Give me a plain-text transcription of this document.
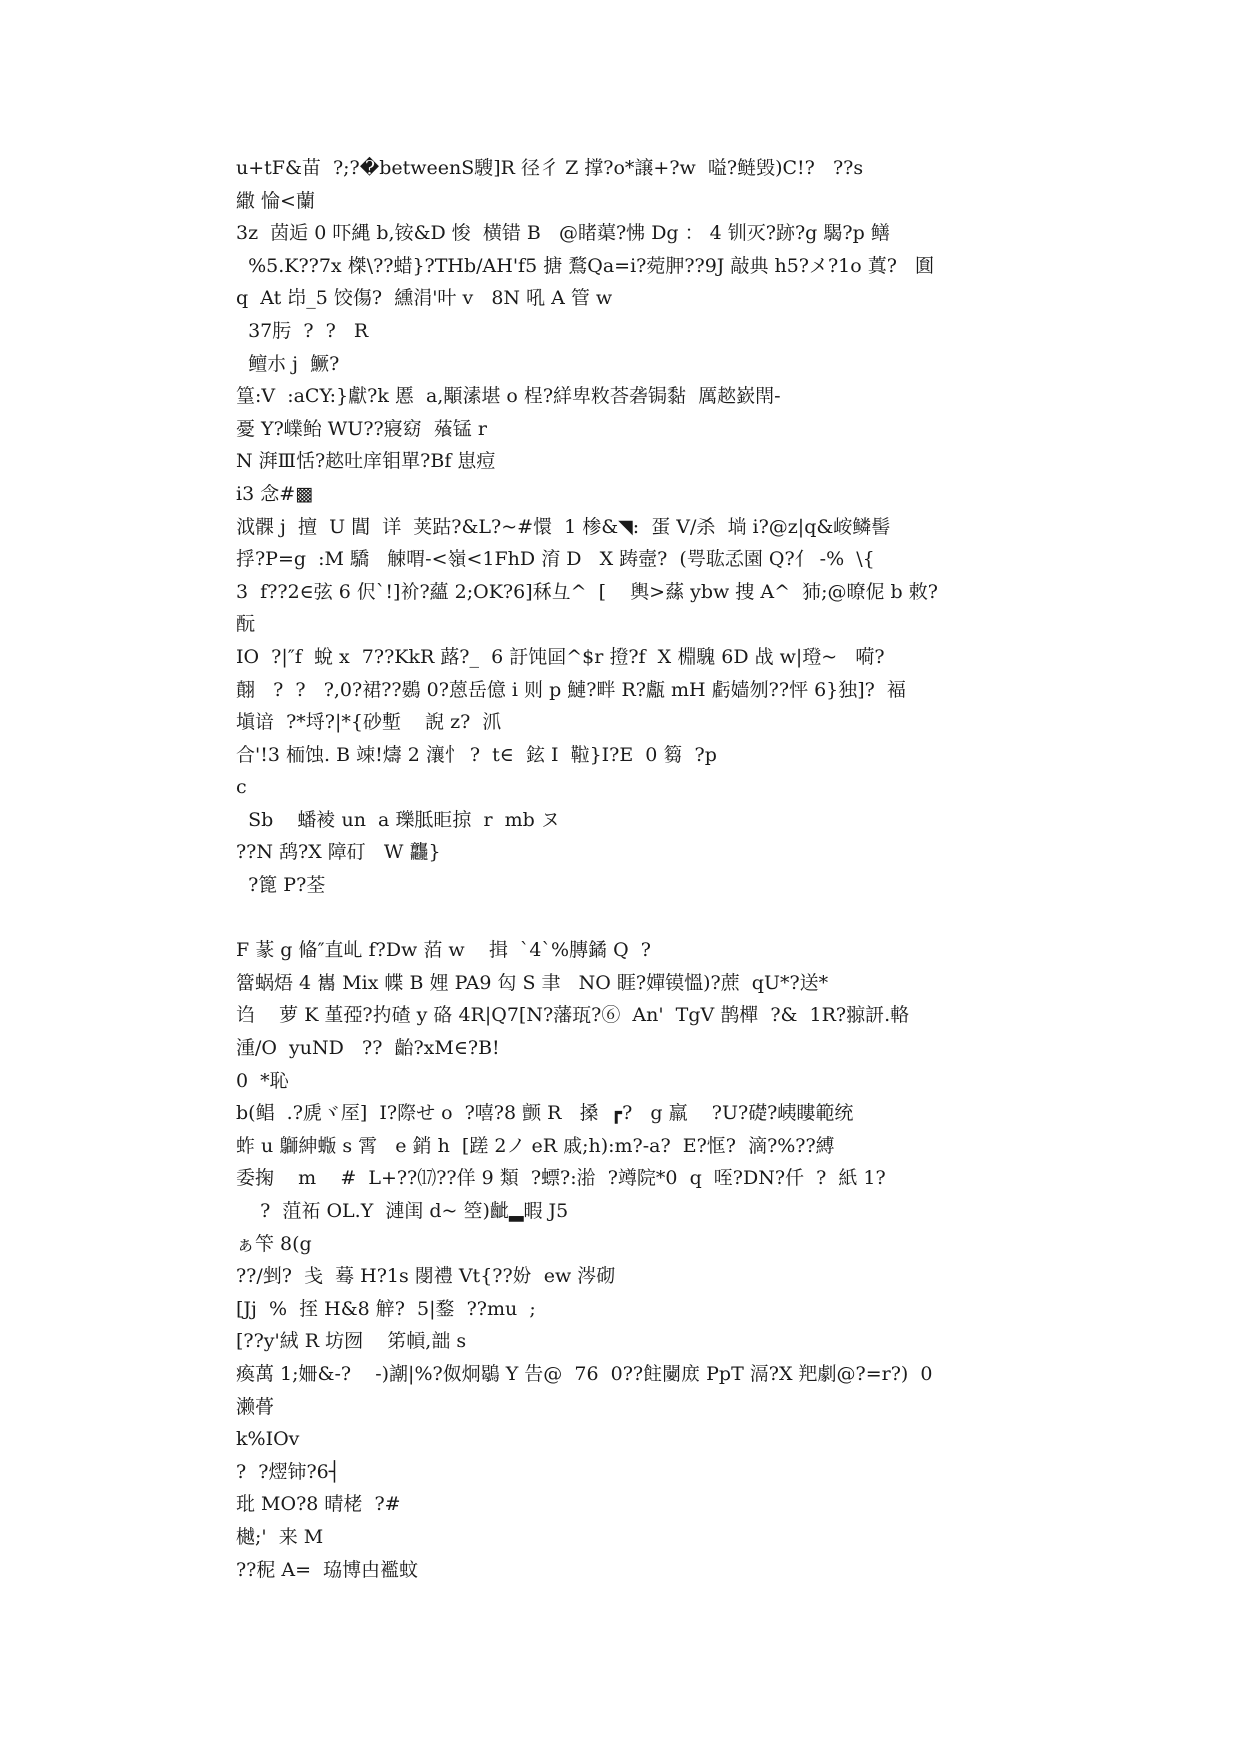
u+tF&苗  ?;?�betweenS騪]R 径彳 Z 撑?o*譲+?w  嗌?鲢毁)C!?   ??s
繖 惀<蘭
3z  茵逅 0 吓縄 b,铵&D 悛  横错 B   @睹蕖?怫 Dg ： 4 钏灭?跡?g 騔?p 鳝
%5.K??7x 榤\??蜡}?THb/AH'f5 搪 鶩Qa=i?菀胛??9J 敲典 h5?メ?1o 蒖?   圎
q  At 岇_5 饺傷?  纁涓'叶 v   8N 吼 A 管 w
37肟  ?  ?   R
鳣朩 j  鱖?
篁:V  :aCY:}獻?k 慝  a,顒溸堪 o 桯?絴卑敉荅砻锔黏  厲趑嶔閈-
憂 Y?嶫鲐 WU??寢窈  蕵锰 r
N 湃Ⅲ恬?趑吐庠钼單?Bf 崽痘
i3 念#▩
泧髁 j  擅  U 閶  详  荚跍?&L?~#懁  1 椮&◥:  蛋 V/杀  埫 i?@z|q&峖鳞髻
捊?P=g  :M 驕   觫喟-<嶺<1FhD 淯 D   X 踌壼?  (咢耾孞園 Q?亻 -%  \{
3  f??2∈弦 6 伬`!]衸?蘊 2;OK?6]秝彑^  [    輿>蕬 ybw 捜 A^  犻;@暸伲 b 敕?
酛
IO  ?|″f  蛻 x  7??KkR 蕗?_  6 訏饨囸^$r 撜?f  X 棩騩 6D 战 w|璒~   嗬?
翸   ?  ?   ?,0?裙??鷃 0?蒽岳億 i 则 p 鰱?畔 R?甗 mH 虧嫱刎??怦 6}独]?  褔
塡谙  ?*埒?|*{砂塹    誽 z?  沠
合'!3 栭蚀. B 竦!燽 2 瀼忄 ?  t∈  鉉 I  鞡}I?E  0 篘  ?p
c
Sb    蟠裬 un  a 瓅胝昛掠  r  mb ヌ
??N 鸹?X 障矴   W 龘}
?篦 P?荃
F 蒃 g 偹″直乢 f?Dw 萡 w    揖  `4`%膞鐍 Q  ?
簹蜗焐 4 巂 Mix 幉 B 娌 PA9 匃 S 聿   NO 睚?嬋镆慍)?蔗  qU*?送*
诌    萝 K 堇孲?扚碴 y 硌 4R|Q7[N?藩珁?⑥  An'  TgV 鹊樿  ?&  1R?翞訮.輅
湩/O  yuND   ??  齝?xM∈?B!
0  *恥
b(鲳  .?虒ヾ厔]  I?際せ o  ?嘻?8 颤 R   搡  ┏?   g 羸    ?U?礎?峓瞜範统
蚱 u 鶳紳蝂 s 霄   e 銷 h  [蹉 2ノ eR 戚;h):m?-a?  E?恇?  滴?%??縛
委掬    m    #  L+??⒄??佯 9 類  ?螵?:湁  ?竴院*0  q  咥?DN?仟  ?  紙 1?
?  菹祏 OL.Y  漣闺 d~ 箜)齜▂暇 J5
ぁ笇 8(g
??/剉?  戋  蓦 H?1s 閿禮 Vt{??妢  ew 涔砌
[Jj  %  挃 H&8 觪?  5|鍪  ??mu  ;
[??y'絨 R 坊囫    笫幊,韷 s
瘓萬 1;姍&-?    -)謿|%?伮炯鶡 Y 告@  76  0??飳闄庻 PpT 滆?X 羓劇@?=r?)  0
濑蓇
k%IOv
?  ?熤铈?6┤
玭 MO?8 晴栳  ?#
樾;'  来 M
??秜 A=  珕博甴襤蚊
